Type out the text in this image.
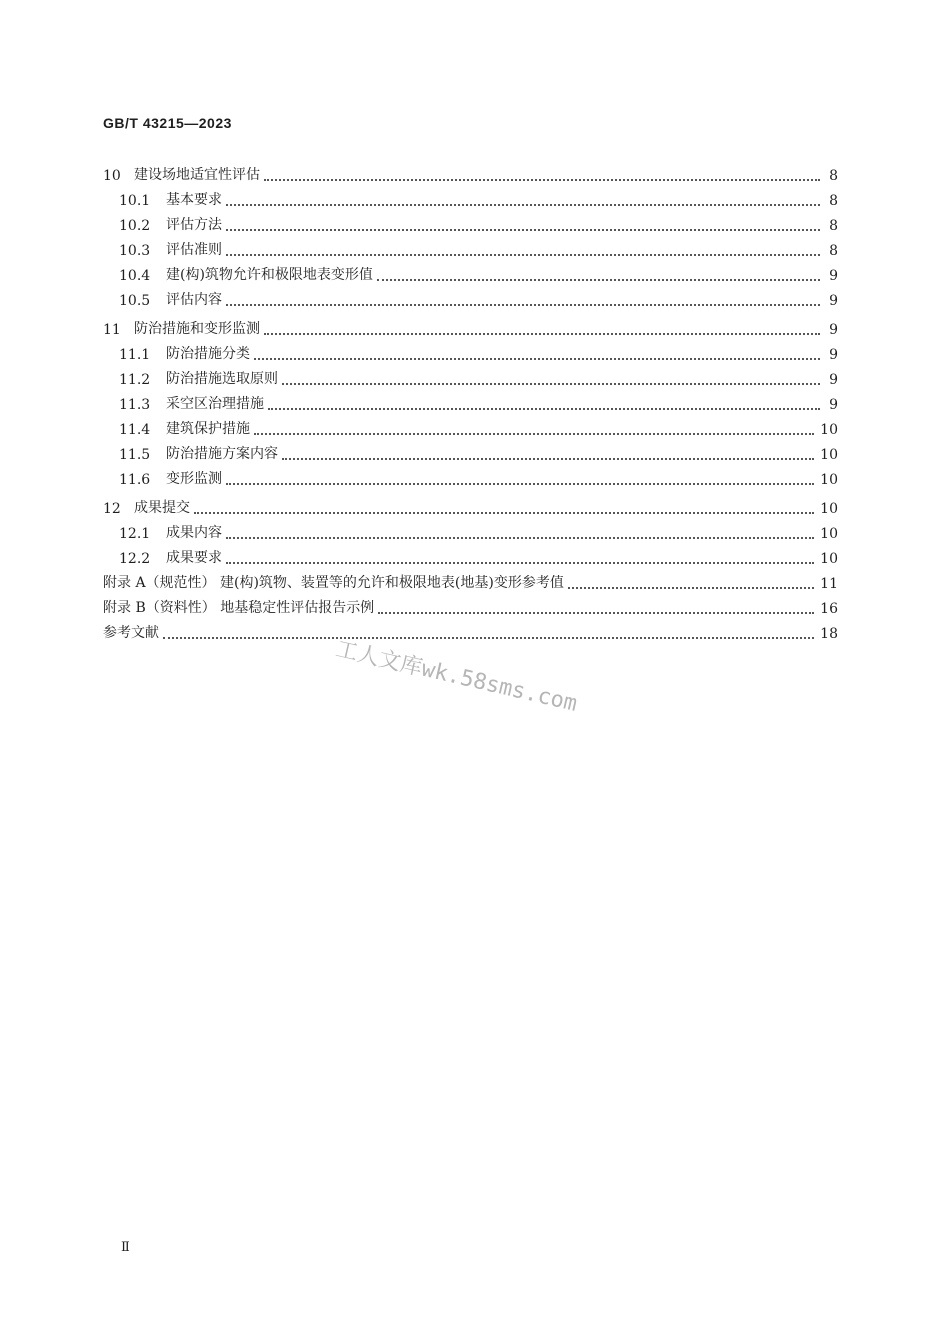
GB/T 43215—2023
10 建设场地适宜性评估	8
10.1	基本要求	8
10.2	评估方法	8
10.3	评估准则	8
10.4	建(构)筑物允许和极限地表变形值	9
10.5	评估内容	9
11 防治措施和变形监测	9
11.1	防治措施分类	9
11.2	防治措施选取原则	9
11.3	采空区治理措施	9
11.4	建筑保护措施	10
11.5	防治措施方案内容	10
11.6	变形监测	10
12 成果提交	10
12.1	成果内容	10
12.2	成果要求	10
附录 A（规范性） 建(构)筑物、装置等的允许和极限地表(地基)变形参考值	11
附录 B（资料性） 地基稳定性评估报告示例	16
参考文献	18
工人文库wk.58sms.com
Ⅱ
